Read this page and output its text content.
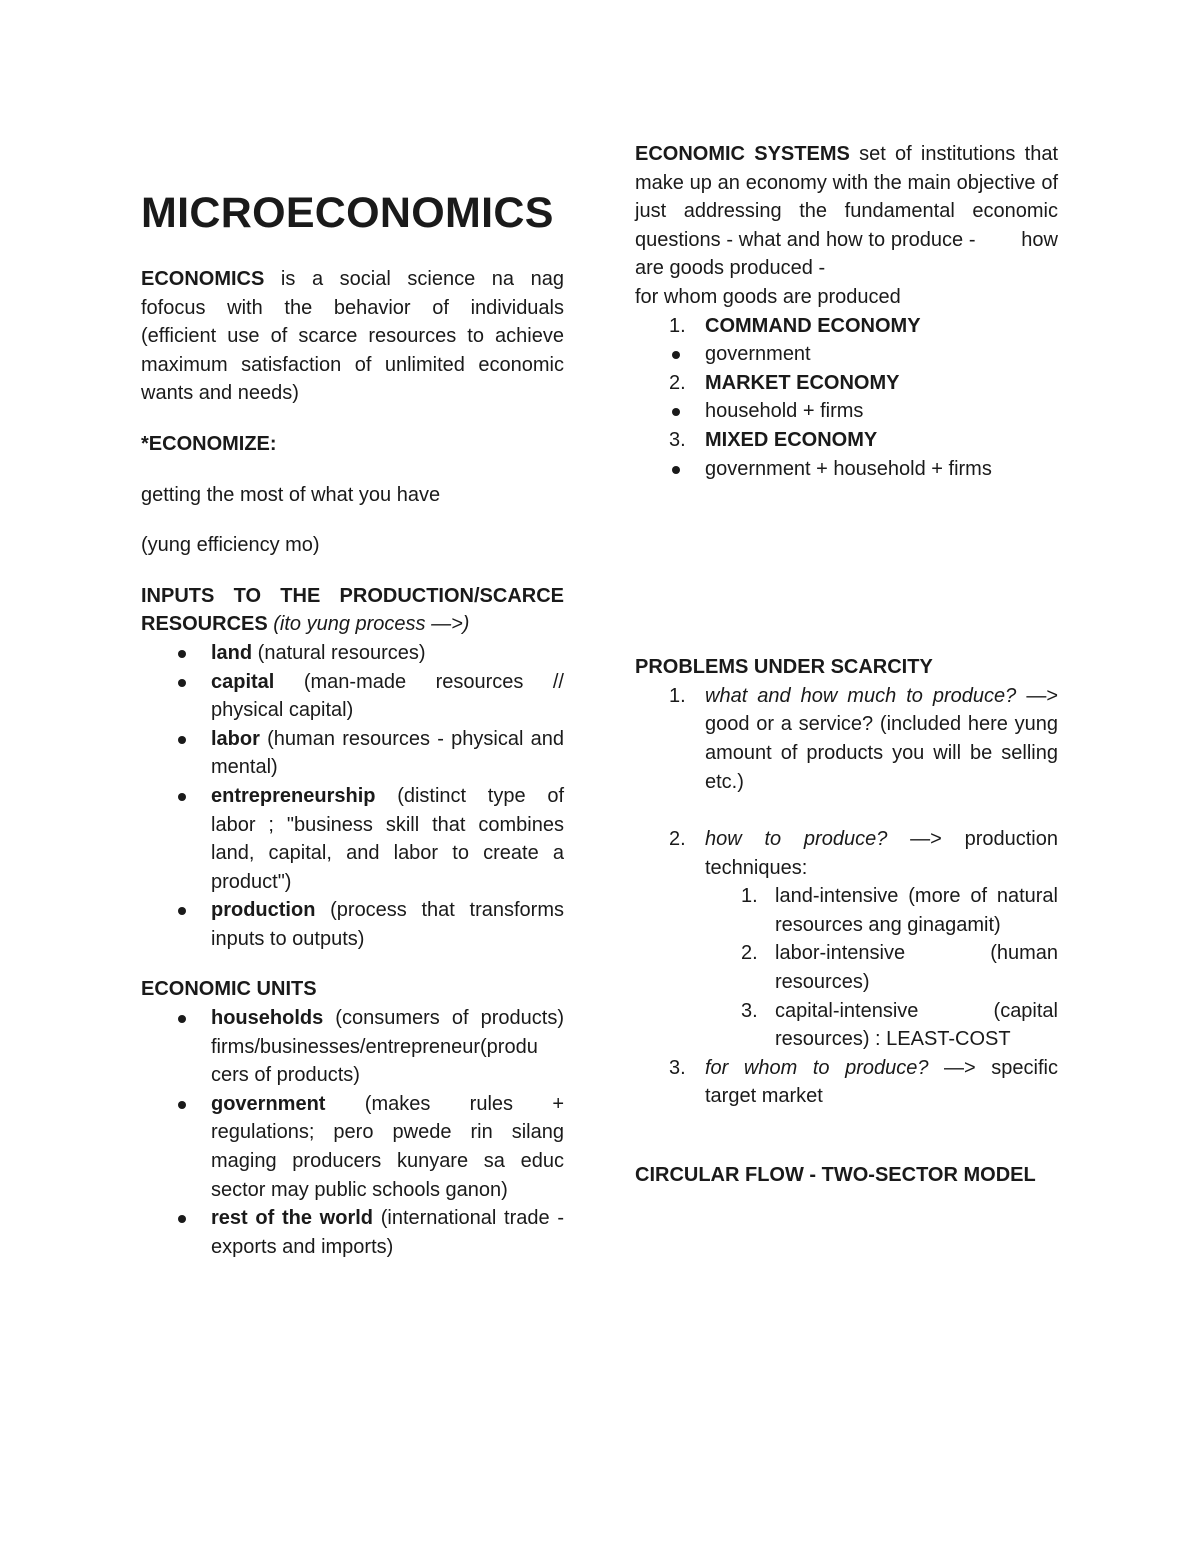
MICROECONOMICS

ECONOMICS is a social science na nag fofocus with the behavior of individuals (efficient use of scarce resources to achieve maximum satisfaction of unlimited economic wants and needs)

*ECONOMIZE:

getting the most of what you have

(yung efficiency mo)

INPUTS TO THE PRODUCTION/SCARCE RESOURCES (ito yung process —>)

land (natural resources)
capital (man-made resources // physical capital)
labor (human resources - physical and mental)
entrepreneurship (distinct type of labor ; "business skill that combines land, capital, and labor to create a product")
production (process that transforms inputs to outputs)

ECONOMIC UNITS

households (consumers of products) firms/businesses/entrepreneur(produ cers of products)
government (makes rules + regulations; pero pwede rin silang maging producers kunyare sa educ sector may public schools ganon)
rest of the world (international trade - exports and imports)

ECONOMIC SYSTEMS set of institutions that make up an economy with the main objective of just addressing the fundamental economic questions - what and how to produce - how are goods produced -

for whom goods are produced

1. COMMAND ECONOMY
government
2. MARKET ECONOMY
household + firms
3. MIXED ECONOMY
government + household + firms

PROBLEMS UNDER SCARCITY

1. what and how much to produce? —> good or a service? (included here yung amount of products you will be selling etc.)
2. how to produce? —> production techniques:
1. land-intensive (more of natural resources ang ginagamit)
2. labor-intensive (human resources)
3. capital-intensive (capital resources) : LEAST-COST
3. for whom to produce? —> specific target market

CIRCULAR FLOW - TWO-SECTOR MODEL
